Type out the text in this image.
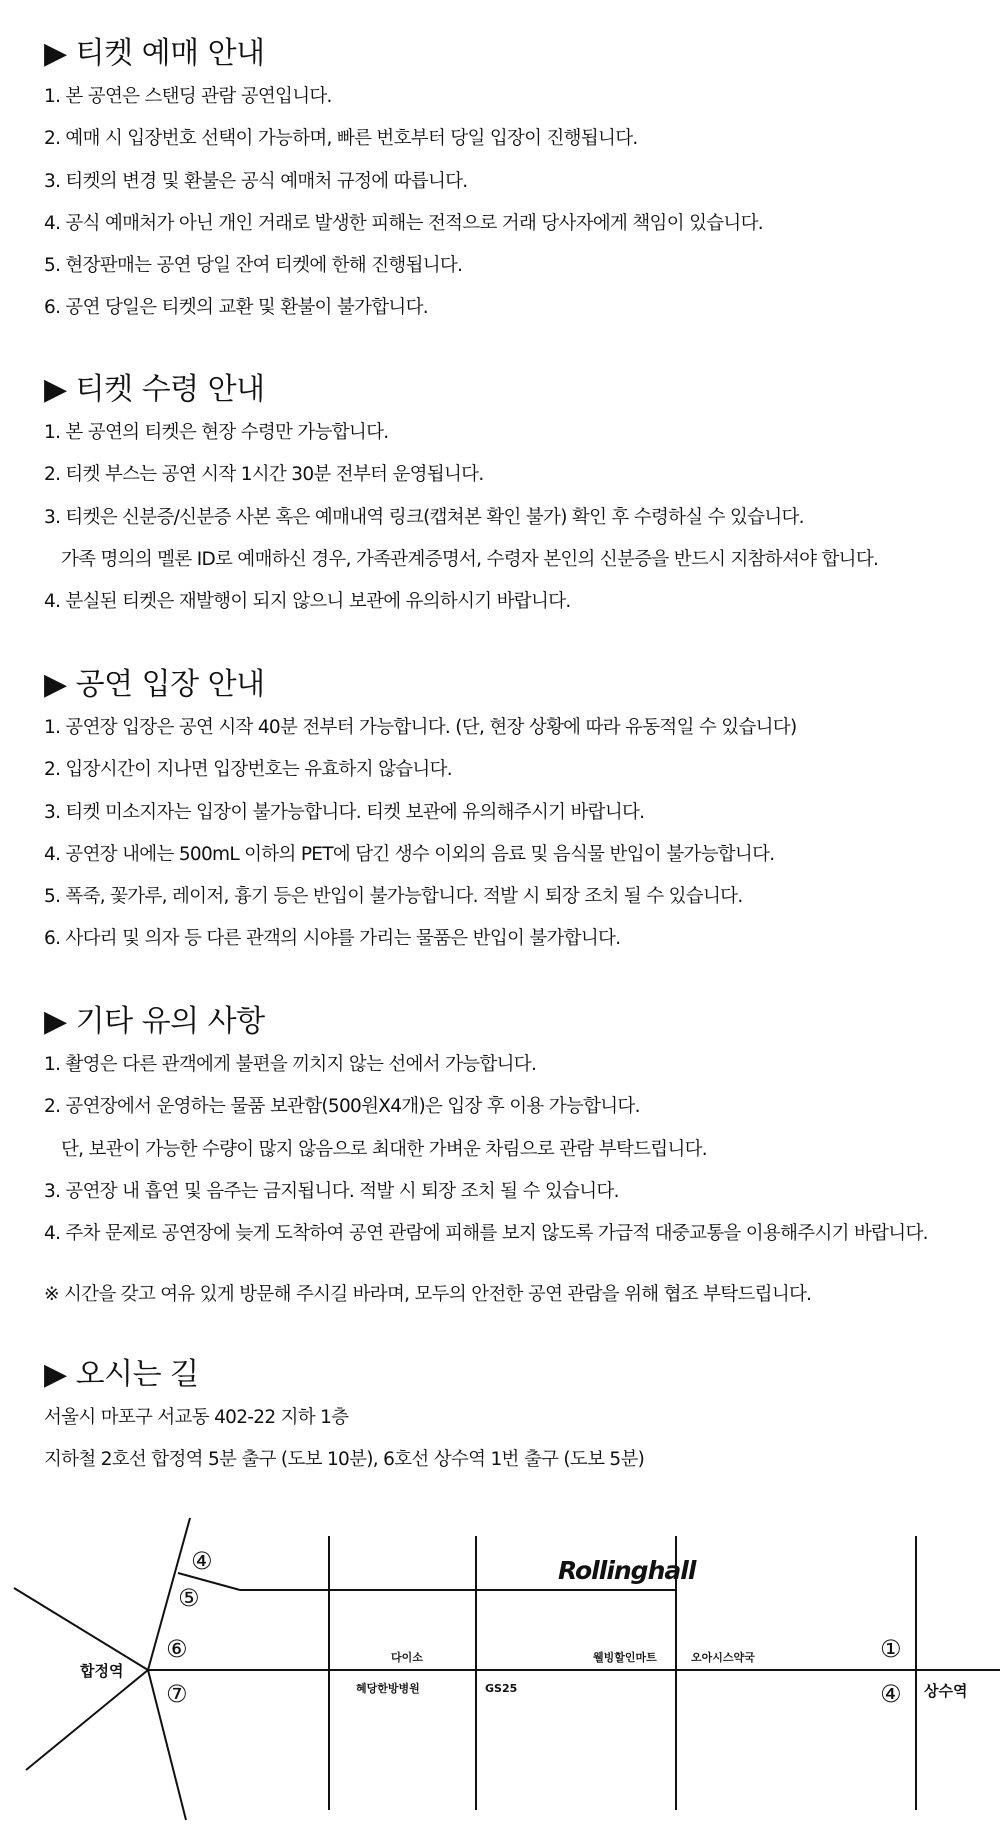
▶ 티켓 예매 안내
1. 본 공연은 스탠딩 관람 공연입니다.
2. 예매 시 입장번호 선택이 가능하며, 빠른 번호부터 당일 입장이 진행됩니다.
3. 티켓의 변경 및 환불은 공식 예매처 규정에 따릅니다.
4. 공식 예매처가 아닌 개인 거래로 발생한 피해는 전적으로 거래 당사자에게 책임이 있습니다.
5. 현장판매는 공연 당일 잔여 티켓에 한해 진행됩니다.
6. 공연 당일은 티켓의 교환 및 환불이 불가합니다.
▶ 티켓 수령 안내
1. 본 공연의 티켓은 현장 수령만 가능합니다.
2. 티켓 부스는 공연 시작 1시간 30분 전부터 운영됩니다.
3. 티켓은 신분증/신분증 사본 혹은 예매내역 링크(캡쳐본 확인 불가) 확인 후 수령하실 수 있습니다.
가족 명의의 멜론 ID로 예매하신 경우, 가족관계증명서, 수령자 본인의 신분증을 반드시 지참하셔야 합니다.
4. 분실된 티켓은 재발행이 되지 않으니 보관에 유의하시기 바랍니다.
▶ 공연 입장 안내
1. 공연장 입장은 공연 시작 40분 전부터 가능합니다. (단, 현장 상황에 따라 유동적일 수 있습니다)
2. 입장시간이 지나면 입장번호는 유효하지 않습니다.
3. 티켓 미소지자는 입장이 불가능합니다. 티켓 보관에 유의해주시기 바랍니다.
4. 공연장 내에는 500mL 이하의 PET에 담긴 생수 이외의 음료 및 음식물 반입이 불가능합니다.
5. 폭죽, 꽃가루, 레이저, 흉기 등은 반입이 불가능합니다. 적발 시 퇴장 조치 될 수 있습니다.
6. 사다리 및 의자 등 다른 관객의 시야를 가리는 물품은 반입이 불가합니다.
▶ 기타 유의 사항
1. 촬영은 다른 관객에게 불편을 끼치지 않는 선에서 가능합니다.
2. 공연장에서 운영하는 물품 보관함(500원X4개)은 입장 후 이용 가능합니다.
단, 보관이 가능한 수량이 많지 않음으로 최대한 가벼운 차림으로 관람 부탁드립니다.
3. 공연장 내 흡연 및 음주는 금지됩니다. 적발 시 퇴장 조치 될 수 있습니다.
4. 주차 문제로 공연장에 늦게 도착하여 공연 관람에 피해를 보지 않도록 가급적 대중교통을 이용해주시기 바랍니다.
※ 시간을 갖고 여유 있게 방문해 주시길 바라며, 모두의 안전한 공연 관람을 위해 협조 부탁드립니다.
▶ 오시는 길
서울시 마포구 서교동 402-22 지하 1층
지하철 2호선 합정역 5분 출구 (도보 10분), 6호선 상수역 1번 출구 (도보 5분)
Rollinghall
합정역
상수역
④
⑤
⑥
⑦
①
④
다이소	웰빙할인마트	오아시스약국
혜당한방병원	GS25
